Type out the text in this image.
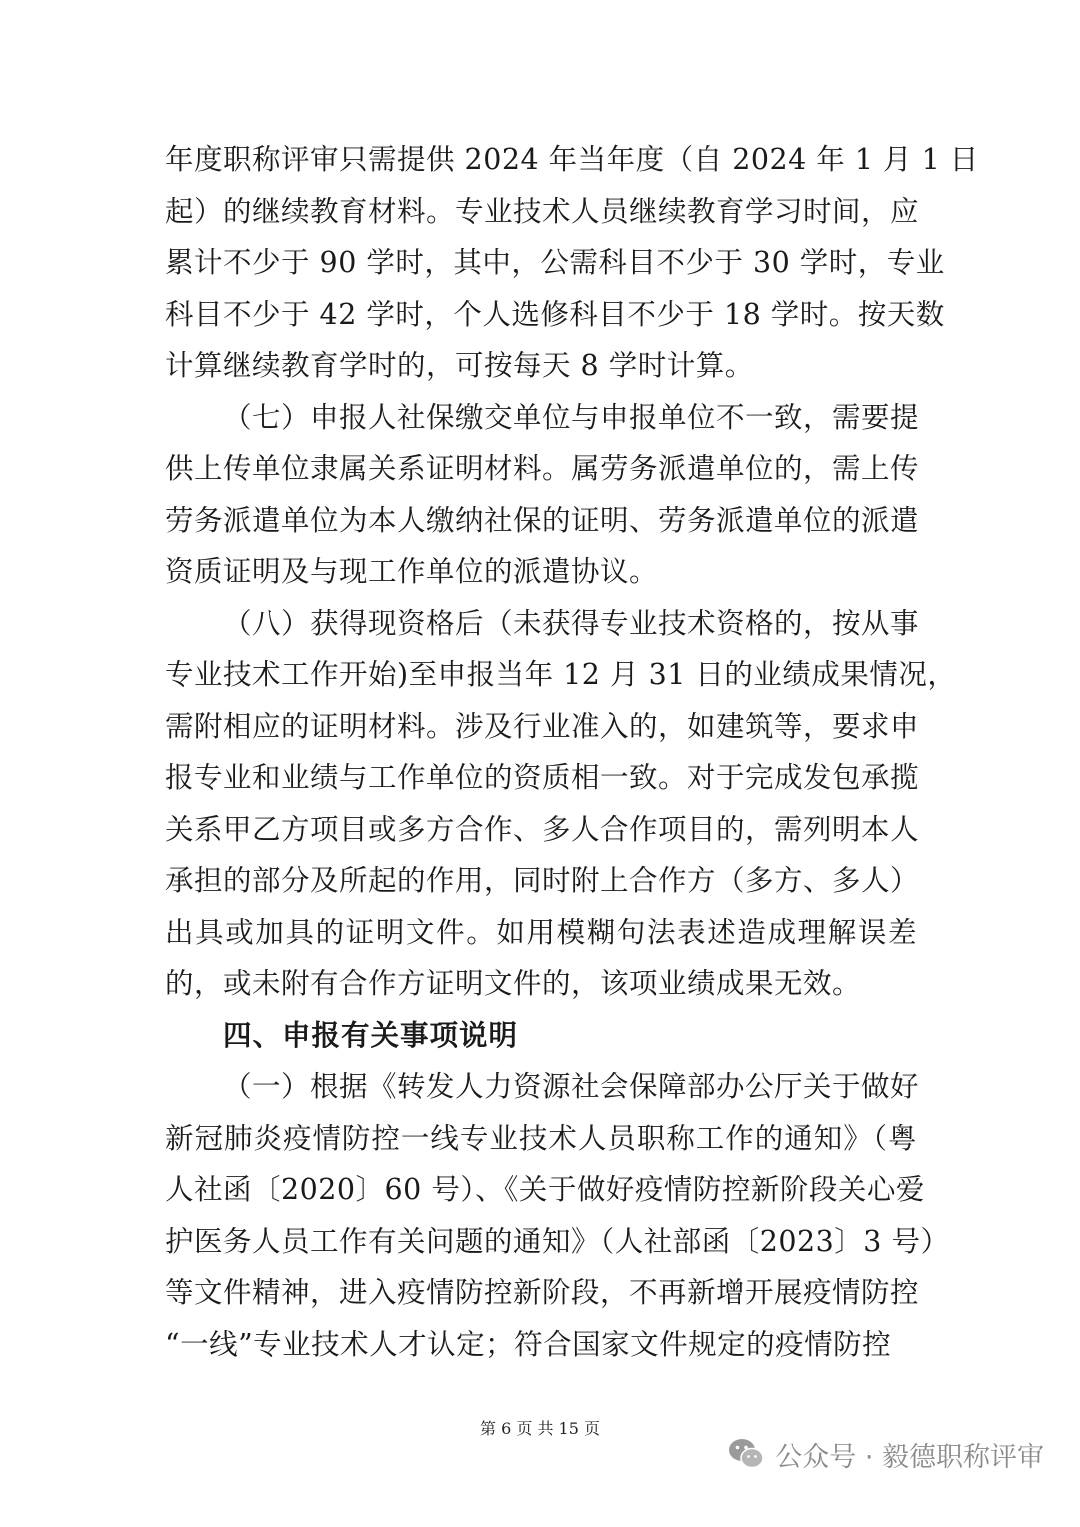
年度职称评审只需提供 2024 年当年度（自 2024 年 1 月 1 日
起）的继续教育材料。专业技术人员继续教育学习时间，应
累计不少于 90 学时，其中，公需科目不少于 30 学时，专业
科目不少于 42 学时，个人选修科目不少于 18 学时。按天数
计算继续教育学时的，可按每天 8 学时计算。
（七）申报人社保缴交单位与申报单位不一致，需要提
供上传单位隶属关系证明材料。属劳务派遣单位的，需上传
劳务派遣单位为本人缴纳社保的证明、劳务派遣单位的派遣
资质证明及与现工作单位的派遣协议。
（八）获得现资格后（未获得专业技术资格的，按从事
专业技术工作开始)至申报当年 12 月 31 日的业绩成果情况，
需附相应的证明材料。涉及行业准入的，如建筑等，要求申
报专业和业绩与工作单位的资质相一致。对于完成发包承揽
关系甲乙方项目或多方合作、多人合作项目的，需列明本人
承担的部分及所起的作用，同时附上合作方（多方、多人）
出具或加具的证明文件。如用模糊句法表述造成理解误差
的，或未附有合作方证明文件的，该项业绩成果无效。
四、申报有关事项说明
（一）根据《转发人力资源社会保障部办公厅关于做好
新冠肺炎疫情防控一线专业技术人员职称工作的通知》（粤
人社函〔2020〕60 号）、《关于做好疫情防控新阶段关心爱
护医务人员工作有关问题的通知》（人社部函〔2023〕3 号）
等文件精神，进入疫情防控新阶段，不再新增开展疫情防控
“一线”专业技术人才认定；符合国家文件规定的疫情防控
第 6 页 共 15 页
公众号 · 毅德职称评审
